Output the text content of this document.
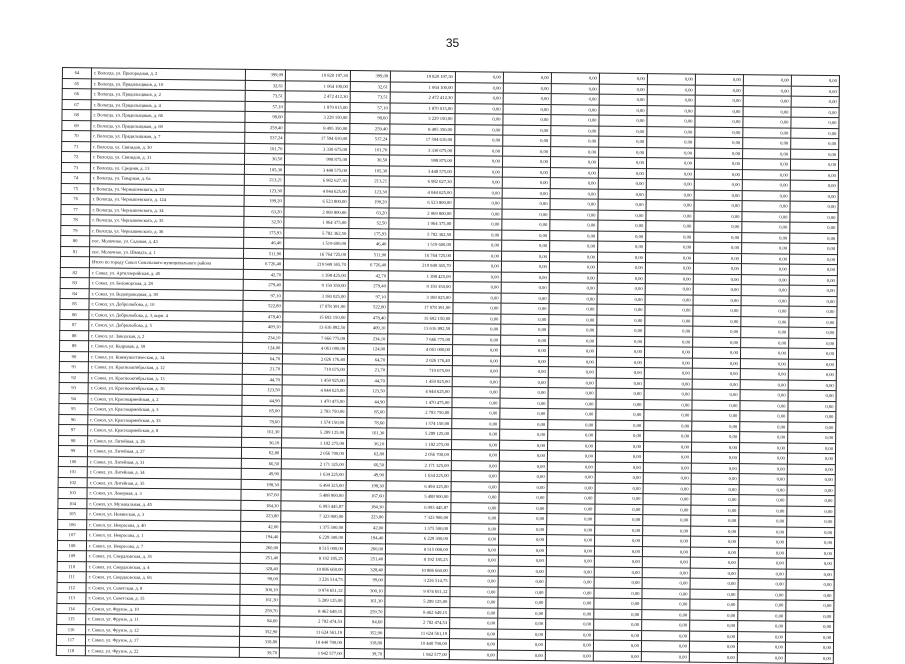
35
64	г. Вологда, ул. Пригородная, д. 2	399,09	19 820 197,30	399,09	19 820 197,30	0,00	0,00	0,00	0,00	0,00	0,00	0,00	0,00
65	г. Вологда, ул. Прядильщиков, д. 10	32,61	1 064 100,00	32,61	1 064 100,00	0,00	0,00	0,00	0,00	0,00	0,00	0,00	0,00
66	г. Вологда, ул. Прядильщиков, д. 2	73,51	2 472 412,30	73,51	2 472 412,30	0,00	0,00	0,00	0,00	0,00	0,00	0,00	0,00
67	г. Вологда, ул. Прядильщиков, д. 4	57,10	1 870 015,00	57,10	1 870 015,00	0,00	0,00	0,00	0,00	0,00	0,00	0,00	0,00
68	г. Вологда, ул. Прядильщиков, д. 66	98,60	3 229 150,00	98,60	3 229 150,00	0,00	0,00	0,00	0,00	0,00	0,00	0,00	0,00
69	г. Вологда, ул. Прядильщиков, д. 69	259,40	8 495 350,00	259,40	8 495 350,00	0,00	0,00	0,00	0,00	0,00	0,00	0,00	0,00
70	г. Вологда, ул. Прядильщиков, д. 7	537,24	17 594 610,00	537,24	17 594 610,00	0,00	0,00	0,00	0,00	0,00	0,00	0,00	0,00
71	г. Вологда, ул. Связидов, д. 30	101,70	3 330 675,00	101,70	3 330 675,00	0,00	0,00	0,00	0,00	0,00	0,00	0,00	0,00
72	г. Вологда, ул. Связидов, д. 31	30,50	998 875,00	30,50	998 875,00	0,00	0,00	0,00	0,00	0,00	0,00	0,00	0,00
73	г. Вологда, ул. Средняя, д. 13	105,30	3 448 575,00	105,30	3 448 575,00	0,00	0,00	0,00	0,00	0,00	0,00	0,00	0,00
74	г. Вологда, ул. Товарная, д. 6а	213,21	6 982 627,30	213,21	6 982 627,30	0,00	0,00	0,00	0,00	0,00	0,00	0,00	0,00
75	г. Вологда, ул. Чернышевского, д. 33	123,30	4 044 625,00	123,30	4 044 625,00	0,00	0,00	0,00	0,00	0,00	0,00	0,00	0,00
76	г. Вологда, ул. Чернышевского, д. 124	199,20	6 523 800,00	199,20	6 523 800,00	0,00	0,00	0,00	0,00	0,00	0,00	0,00	0,00
77	г. Вологда, ул. Чернышевского, д. 34	63,20	2 069 800,00	63,20	2 069 800,00	0,00	0,00	0,00	0,00	0,00	0,00	0,00	0,00
78	г. Вологда, ул. Чернышевского, д. 35	32,50	1 064 375,00	32,50	1 064 375,00	0,00	0,00	0,00	0,00	0,00	0,00	0,00	0,00
79	г. Вологда, ул. Чернышевского, д. 36	175,93	5 782 362,50	175,93	5 782 362,50	0,00	0,00	0,00	0,00	0,00	0,00	0,00	0,00
80	пос. Молочное, ул. Садовая, д. 43	46,40	1 519 600,00	46,40	1 519 600,00	0,00	0,00	0,00	0,00	0,00	0,00	0,00	0,00
81	пос. Молочное, ул. Шмидта, д. 1	511,90	16 764 725,00	511,90	16 764 725,00	0,00	0,00	0,00	0,00	0,00	0,00	0,00	0,00
	Итого по городу Сокол Сокольского муниципального района	6 726,40	219 949 365,70	6 726,40	219 949 365,70	0,00	0,00	0,00	0,00	0,00	0,00	0,00	0,00
82	г. Сокол, ул. Артиллерийская, д. 45	42,70	1 398 425,00	42,70	1 398 425,00	0,00	0,00	0,00	0,00	0,00	0,00	0,00	0,00
83	г. Сокол, ул. Беломорская, д. 28	279,40	9 150 350,00	279,40	9 150 350,00	0,00	0,00	0,00	0,00	0,00	0,00	0,00	0,00
84	г. Сокол, ул. Водопроводная, д. 39	97,10	3 180 025,00	97,10	3 180 025,00	0,00	0,00	0,00	0,00	0,00	0,00	0,00	0,00
85	г. Сокол, ул. Добролюбова, д. 10	522,80	17 078 391,00	522,80	17 078 391,00	0,00	0,00	0,00	0,00	0,00	0,00	0,00	0,00
86	г. Сокол, ул. Добролюбова, д. 3, корп. 4	478,40	15 692 150,00	478,40	15 692 150,00	0,00	0,00	0,00	0,00	0,00	0,00	0,00	0,00
87	г. Сокол, ул. Добролюбова, д. 5	409,10	13 616 892,50	409,10	13 616 892,50	0,00	0,00	0,00	0,00	0,00	0,00	0,00	0,00
88	г. Сокол, ул. Заводская, д. 2	234,10	7 666 775,00	234,10	7 666 775,00	0,00	0,00	0,00	0,00	0,00	0,00	0,00	0,00
89	г. Сокол, ул. Кедровая, д. 59	124,00	4 061 000,00	124,00	4 061 000,00	0,00	0,00	0,00	0,00	0,00	0,00	0,00	0,00
90	г. Сокол, ул. Коммунистическая, д. 14	64,70	2 026 176,40	64,70	2 026 176,40	0,00	0,00	0,00	0,00	0,00	0,00	0,00	0,00
91	г. Сокол, ул. Краснооктябрьская, д. 12	21,70	710 675,00	21,70	710 675,00	0,00	0,00	0,00	0,00	0,00	0,00	0,00	0,00
92	г. Сокол, ул. Краснооктябрьская, д. 13	44,70	1 450 925,00	44,70	1 450 925,00	0,00	0,00	0,00	0,00	0,00	0,00	0,00	0,00
93	г. Сокол, ул. Краснооктябрьская, д. 16	123,50	4 044 625,00	123,50	4 044 625,00	0,00	0,00	0,00	0,00	0,00	0,00	0,00	0,00
94	г. Сокол, ул. Красноармейская, д. 2	44,90	1 470 475,00	44,90	1 470 475,00	0,00	0,00	0,00	0,00	0,00	0,00	0,00	0,00
95	г. Сокол, ул. Красноармейская, д. 3	85,00	2 783 750,00	85,00	2 783 750,00	0,00	0,00	0,00	0,00	0,00	0,00	0,00	0,00
96	г. Сокол, ул. Красноармейская, д. 33	78,60	1 574 150,00	78,60	1 574 150,00	0,00	0,00	0,00	0,00	0,00	0,00	0,00	0,00
97	г. Сокол, ул. Красноармейская, д. 8	161,30	5 289 125,00	161,30	5 289 125,00	0,00	0,00	0,00	0,00	0,00	0,00	0,00	0,00
98	г. Сокол, ул. Литейная, д. 26	36,10	1 182 275,00	36,10	1 182 275,00	0,00	0,00	0,00	0,00	0,00	0,00	0,00	0,00
99	г. Сокол, ул. Литейная, д. 27	62,80	2 056 700,00	62,80	2 056 700,00	0,00	0,00	0,00	0,00	0,00	0,00	0,00	0,00
100	г. Сокол, ул. Литейная, д. 31	66,50	2 171 325,00	66,50	2 171 325,00	0,00	0,00	0,00	0,00	0,00	0,00	0,00	0,00
101	г. Сокол, ул. Литейная, д. 34	49,90	1 634 225,00	49,90	1 634 225,00	0,00	0,00	0,00	0,00	0,00	0,00	0,00	0,00
102	г. Сокол, ул. Литейная, д. 35	198,30	6 494 325,00	198,30	6 494 325,00	0,00	0,00	0,00	0,00	0,00	0,00	0,00	0,00
103	г. Сокол, ул. Локерная, д. 3	167,60	5 488 900,00	167,60	5 488 900,00	0,00	0,00	0,00	0,00	0,00	0,00	0,00	0,00
104	г. Сокол, ул. Музыкальная, д. 45	184,30	6 093 445,87	184,30	6 093 445,87	0,00	0,00	0,00	0,00	0,00	0,00	0,00	0,00
105	г. Сокол, ул. Новинская, д. 3	223,80	7 323 900,00	223,80	7 323 900,00	0,00	0,00	0,00	0,00	0,00	0,00	0,00	0,00
106	г. Сокол, ул. Некрасова, д. 40	42,00	1 375 500,00	42,00	1 375 500,00	0,00	0,00	0,00	0,00	0,00	0,00	0,00	0,00
107	г. Сокол, ул. Некрасова, д. 1	194,40	6 229 300,00	194,40	6 229 300,00	0,00	0,00	0,00	0,00	0,00	0,00	0,00	0,00
108	г. Сокол, ул. Некрасова, д. 7	260,00	8 515 000,00	260,00	8 515 000,00	0,00	0,00	0,00	0,00	0,00	0,00	0,00	0,00
109	г. Сокол, ул. Свердловская, д. 35	251,40	8 192 185,25	251,40	8 192 185,25	0,00	0,00	0,00	0,00	0,00	0,00	0,00	0,00
110	г. Сокол, ул. Свердловская, д. 4	328,40	10 886 660,00	328,40	10 886 660,00	0,00	0,00	0,00	0,00	0,00	0,00	0,00	0,00
111	г. Сокол, ул. Свердловская, д. 66	99,00	3 226 514,75	99,00	3 226 514,75	0,00	0,00	0,00	0,00	0,00	0,00	0,00	0,00
112	г. Сокол, ул. Советская, д. 8	300,10	9 974 651,12	300,10	9 974 651,12	0,00	0,00	0,00	0,00	0,00	0,00	0,00	0,00
113	г. Сокол, ул. Советская, д. 15	161,30	5 289 125,00	161,30	5 289 125,00	0,00	0,00	0,00	0,00	0,00	0,00	0,00	0,00
114	г. Сокол, ул. Фрунзе, д. 10	259,70	8 462 649,15	259,70	8 462 649,15	0,00	0,00	0,00	0,00	0,00	0,00	0,00	0,00
115	г. Сокол, ул. Фрунзе, д. 11	84,60	2 782 474,53	84,60	2 782 474,53	0,00	0,00	0,00	0,00	0,00	0,00	0,00	0,00
116	г. Сокол, ул. Фрунзе, д. 12	352,90	11 624 561,19	352,90	11 624 561,19	0,00	0,00	0,00	0,00	0,00	0,00	0,00	0,00
117	г. Сокол, ул. Фрунзе, д. 17	318,80	10 440 700,00	318,80	10 440 700,00	0,00	0,00	0,00	0,00	0,00	0,00	0,00	0,00
118	г. Сокол, ул. Фрунзе, д. 22	39,70	1 942 577,00	39,70	1 942 577,00	0,00	0,00	0,00	0,00	0,00	0,00	0,00	0,00
